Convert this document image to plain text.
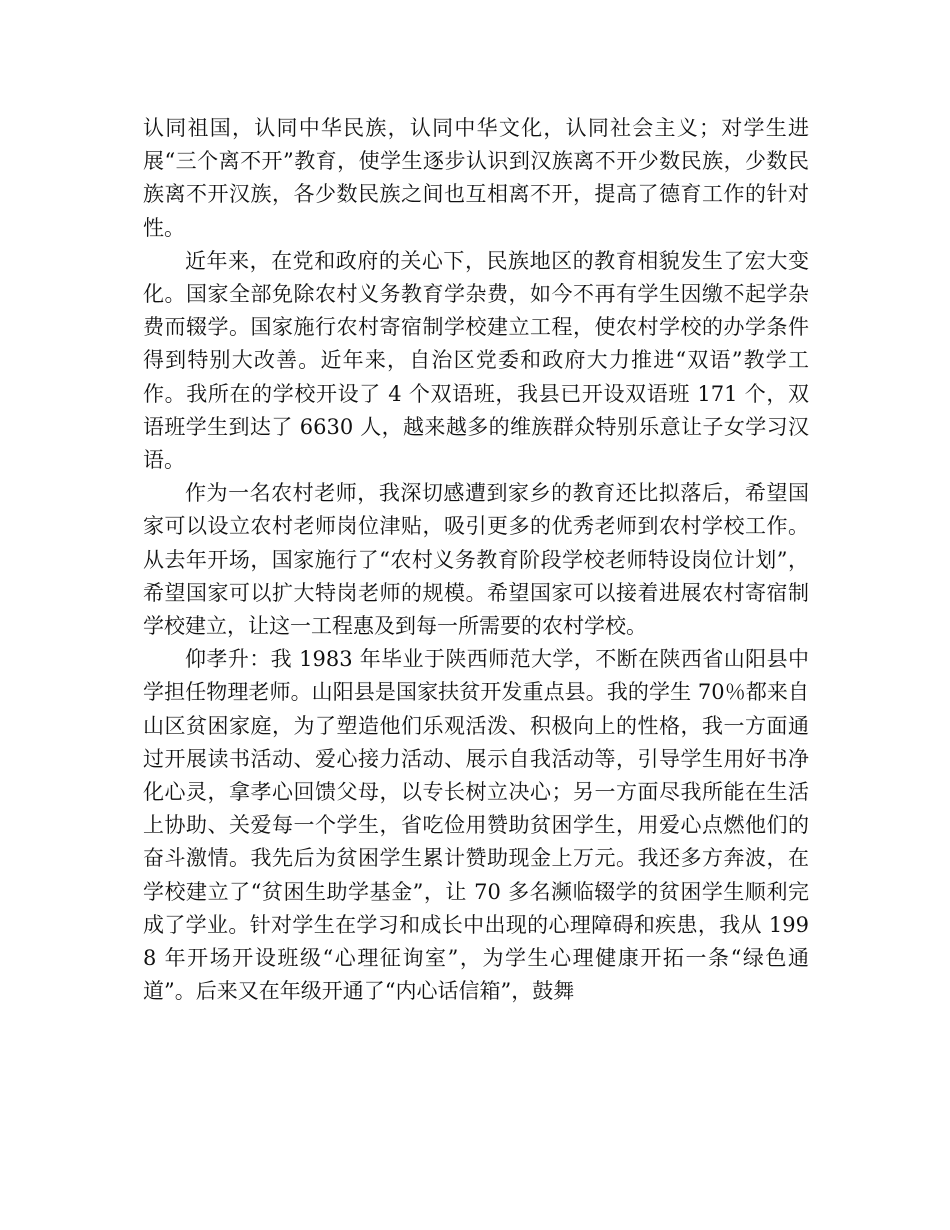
认同祖国，认同中华民族，认同中华文化，认同社会主义；对学生进展“三个离不开”教育，使学生逐步认识到汉族离不开少数民族，少数民族离不开汉族，各少数民族之间也互相离不开，提高了德育工作的针对性。

近年来，在党和政府的关心下，民族地区的教育相貌发生了宏大变化。国家全部免除农村义务教育学杂费，如今不再有学生因缴不起学杂费而辍学。国家施行农村寄宿制学校建立工程，使农村学校的办学条件得到特别大改善。近年来，自治区党委和政府大力推进“双语”教学工作。我所在的学校开设了 4 个双语班，我县已开设双语班 171 个，双语班学生到达了 6630 人，越来越多的维族群众特别乐意让子女学习汉语。

作为一名农村老师，我深切感遭到家乡的教育还比拟落后，希望国家可以设立农村老师岗位津贴，吸引更多的优秀老师到农村学校工作。从去年开场，国家施行了“农村义务教育阶段学校老师特设岗位计划”，希望国家可以扩大特岗老师的规模。希望国家可以接着进展农村寄宿制学校建立，让这一工程惠及到每一所需要的农村学校。

仰孝升：我 1983 年毕业于陕西师范大学，不断在陕西省山阳县中学担任物理老师。山阳县是国家扶贫开发重点县。我的学生 70％都来自山区贫困家庭，为了塑造他们乐观活泼、积极向上的性格，我一方面通过开展读书活动、爱心接力活动、展示自我活动等，引导学生用好书净化心灵，拿孝心回馈父母，以专长树立决心；另一方面尽我所能在生活上协助、关爱每一个学生，省吃俭用赞助贫困学生，用爱心点燃他们的奋斗激情。我先后为贫困学生累计赞助现金上万元。我还多方奔波，在学校建立了“贫困生助学基金”，让 70 多名濒临辍学的贫困学生顺利完成了学业。针对学生在学习和成长中出现的心理障碍和疾患，我从 1998 年开场开设班级“心理征询室”，为学生心理健康开拓一条“绿色通道”。后来又在年级开通了“内心话信箱”，鼓舞
